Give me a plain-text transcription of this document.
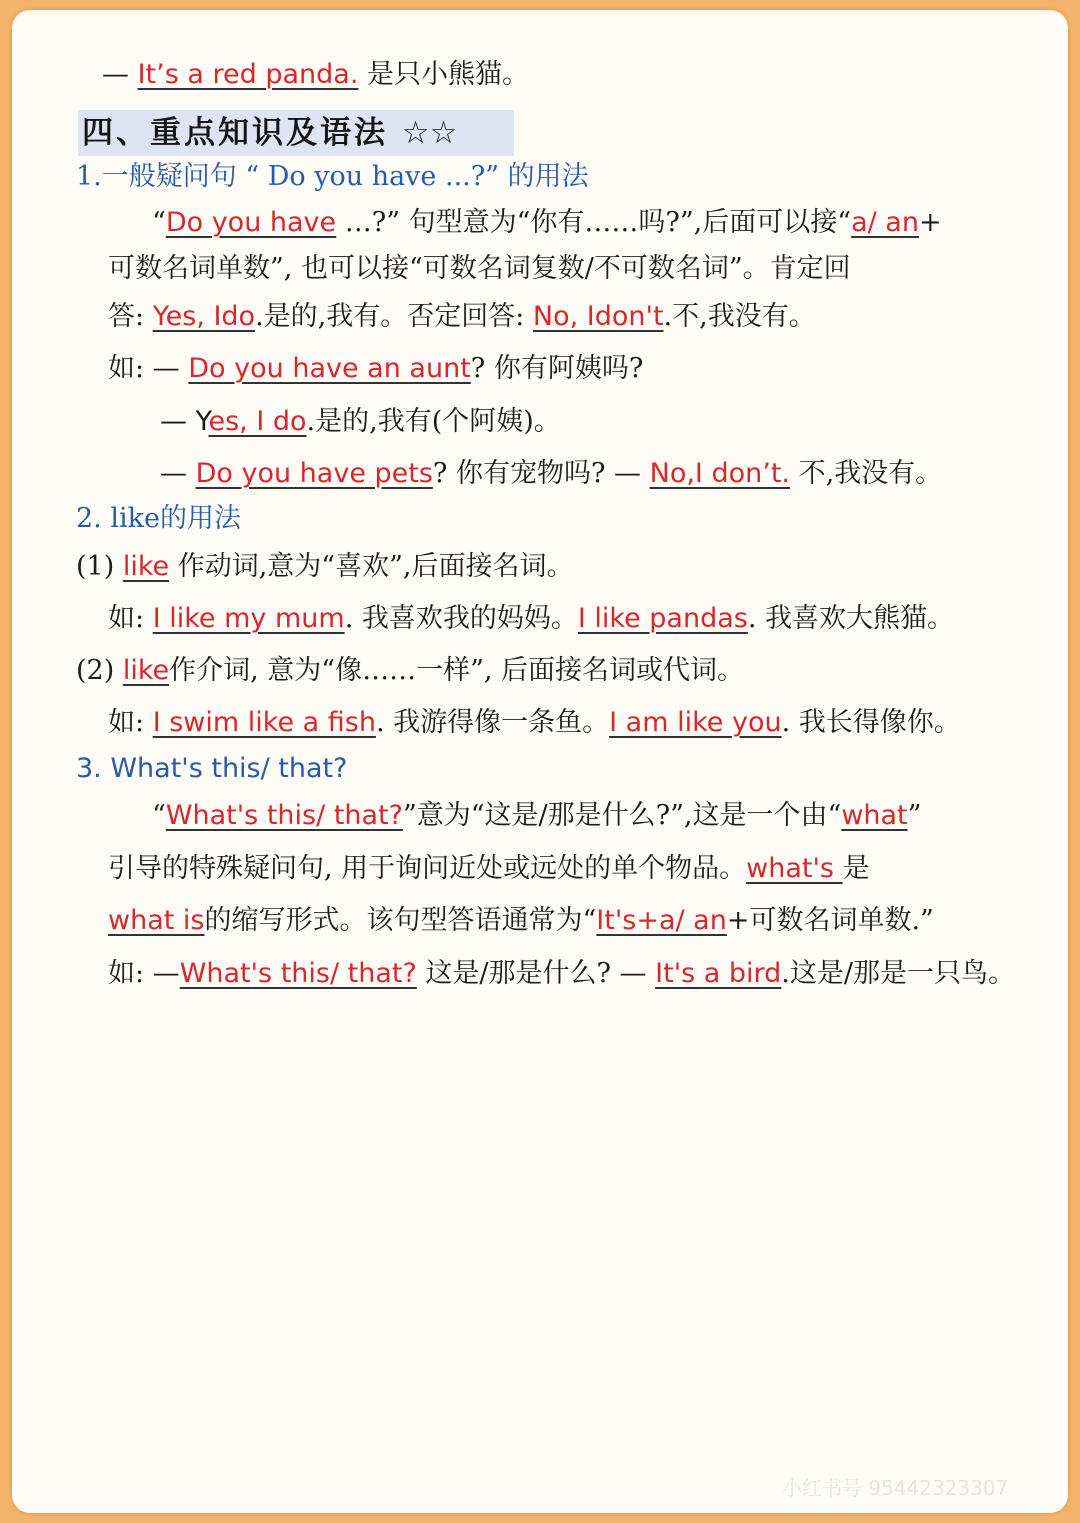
— It’s a red panda. 是只小熊猫。
四、重点知识及语法 ☆☆
1.一般疑问句 “ Do you have ...?” 的用法
“Do you have …?” 句型意为“你有……吗?”,后面可以接“a/ an+
可数名词单数”, 也可以接“可数名词复数/不可数名词”。肯定回
答: Yes, Ido.是的,我有。否定回答: No, Idon't.不,我没有。
如: — Do you have an aunt? 你有阿姨吗?
— Yes, I do.是的,我有(个阿姨)。
— Do you have pets? 你有宠物吗? — No,I don’t. 不,我没有。
2. like的用法
(1) like 作动词,意为“喜欢”,后面接名词。
如: I like my mum. 我喜欢我的妈妈。I like pandas. 我喜欢大熊猫。
(2) like作介词, 意为“像……一样”, 后面接名词或代词。
如: I swim like a fish. 我游得像一条鱼。I am like you. 我长得像你。
3. What's this/ that?
“What's this/ that?”意为“这是/那是什么?”,这是一个由“what”
引导的特殊疑问句, 用于询问近处或远处的单个物品。what's 是
what is的缩写形式。该句型答语通常为“It's+a/ an+可数名词单数.”
如: —What's this/ that? 这是/那是什么? — It's a bird.这是/那是一只鸟。
小红书号 95442323307
